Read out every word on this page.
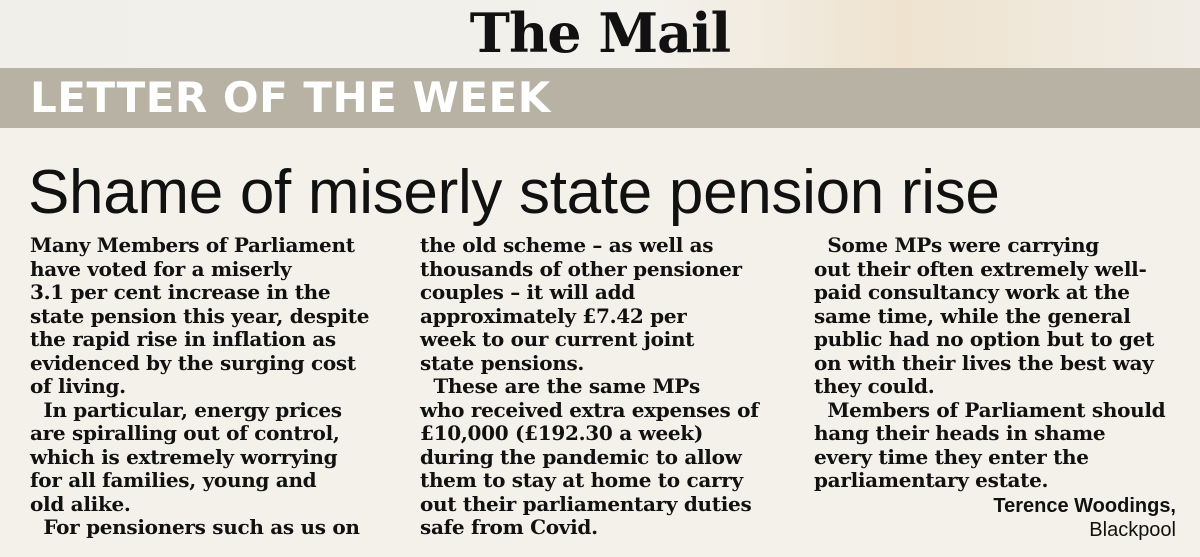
The Mail
LETTER OF THE WEEK
Shame of miserly state pension rise
Many Members of Parliament
have voted for a miserly
3.1 per cent increase in the
state pension this year, despite
the rapid rise in inflation as
evidenced by the surging cost
of living.
In particular, energy prices
are spiralling out of control,
which is extremely worrying
for all families, young and
old alike.
For pensioners such as us on
the old scheme – as well as
thousands of other pensioner
couples – it will add
approximately £7.42 per
week to our current joint
state pensions.
These are the same MPs
who received extra expenses of
£10,000 (£192.30 a week)
during the pandemic to allow
them to stay at home to carry
out their parliamentary duties
safe from Covid.
Some MPs were carrying
out their often extremely well-
paid consultancy work at the
same time, while the general
public had no option but to get
on with their lives the best way
they could.
Members of Parliament should
hang their heads in shame
every time they enter the
parliamentary estate.
Terence Woodings,
Blackpool
